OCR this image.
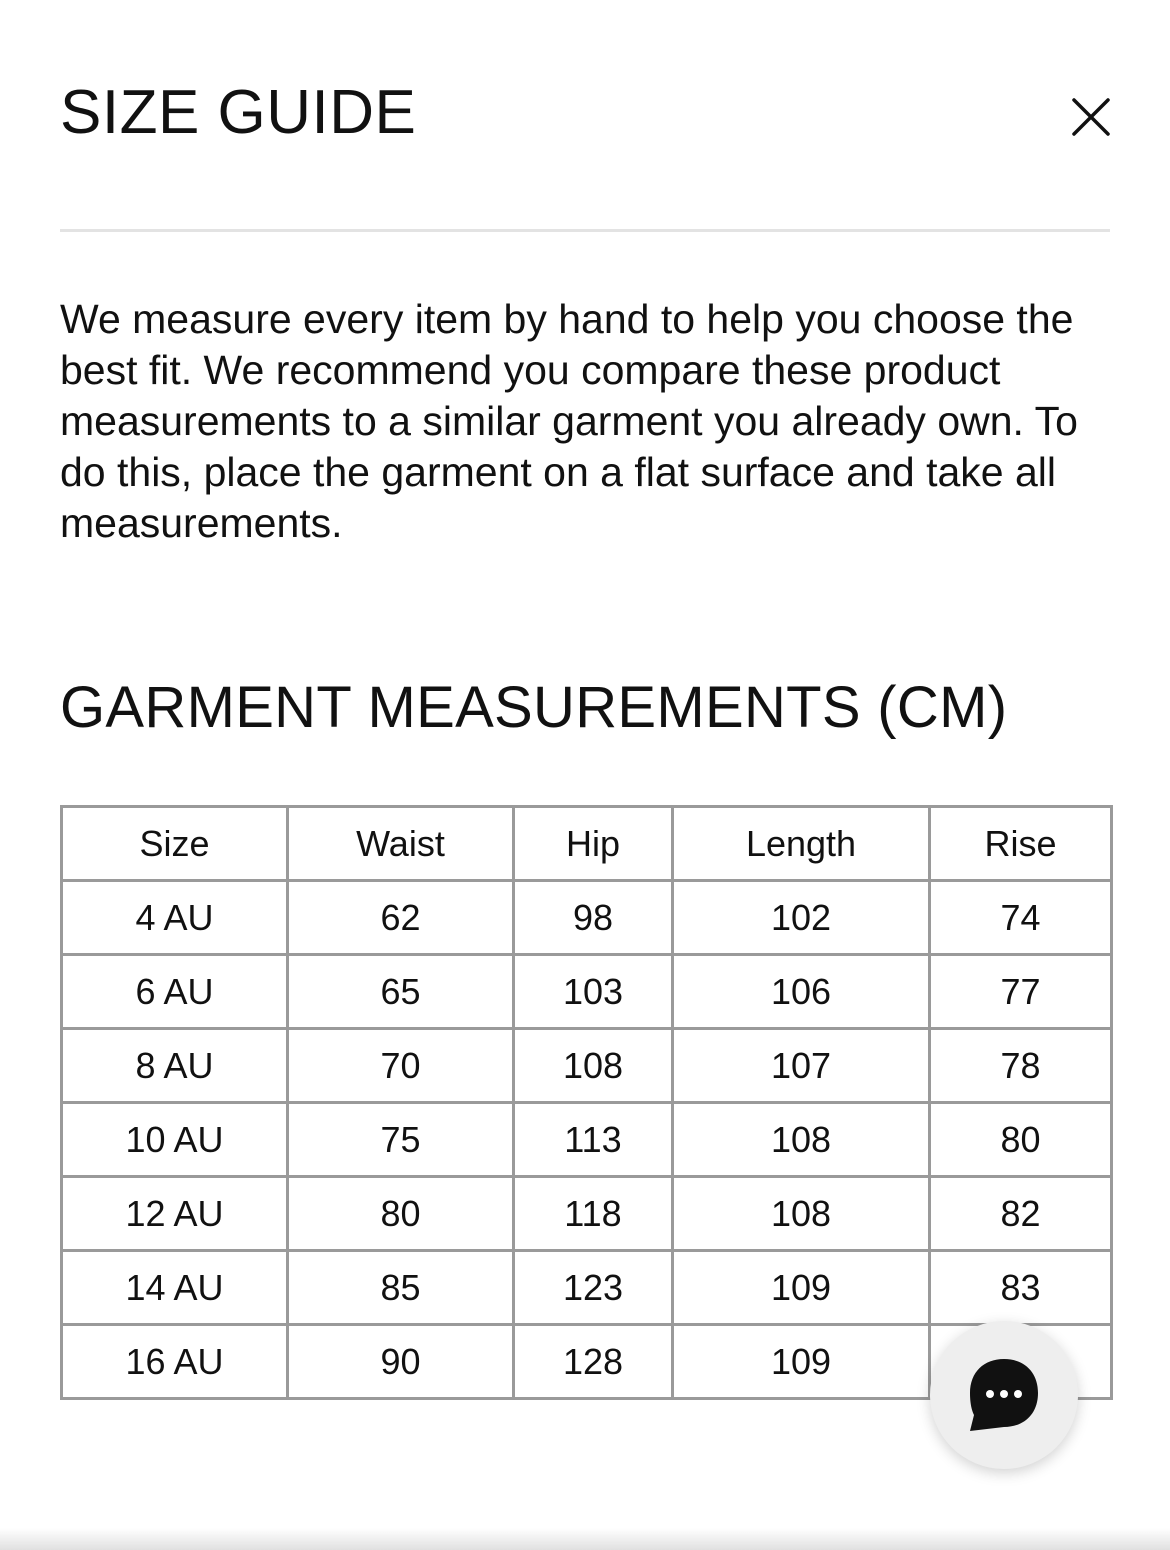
SIZE GUIDE

We measure every item by hand to help you choose the best fit. We recommend you compare these product measurements to a similar garment you already own. To do this, place the garment on a flat surface and take all measurements.

GARMENT MEASUREMENTS (CM)
Size	Waist	Hip	Length	Rise
4 AU	62	98	102	74
6 AU	65	103	106	77
8 AU	70	108	107	78
10 AU	75	113	108	80
12 AU	80	118	108	82
14 AU	85	123	109	83
16 AU	90	128	109	
